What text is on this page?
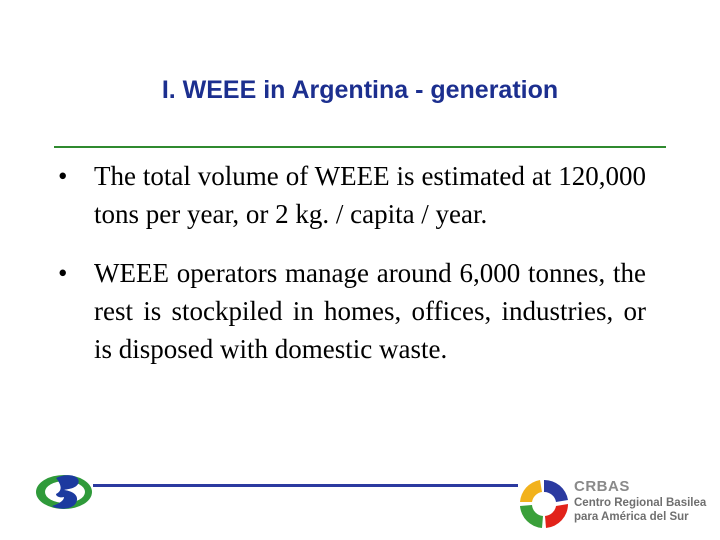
I. WEEE in Argentina - generation
• The total volume of WEEE is estimated at 120,000 tons per year, or 2 kg. / capita / year.
• WEEE operators manage around 6,000 tonnes, the rest is stockpiled in homes, offices, industries, or is disposed with domestic waste.
CRBAS
Centro Regional Basilea
para América del Sur
